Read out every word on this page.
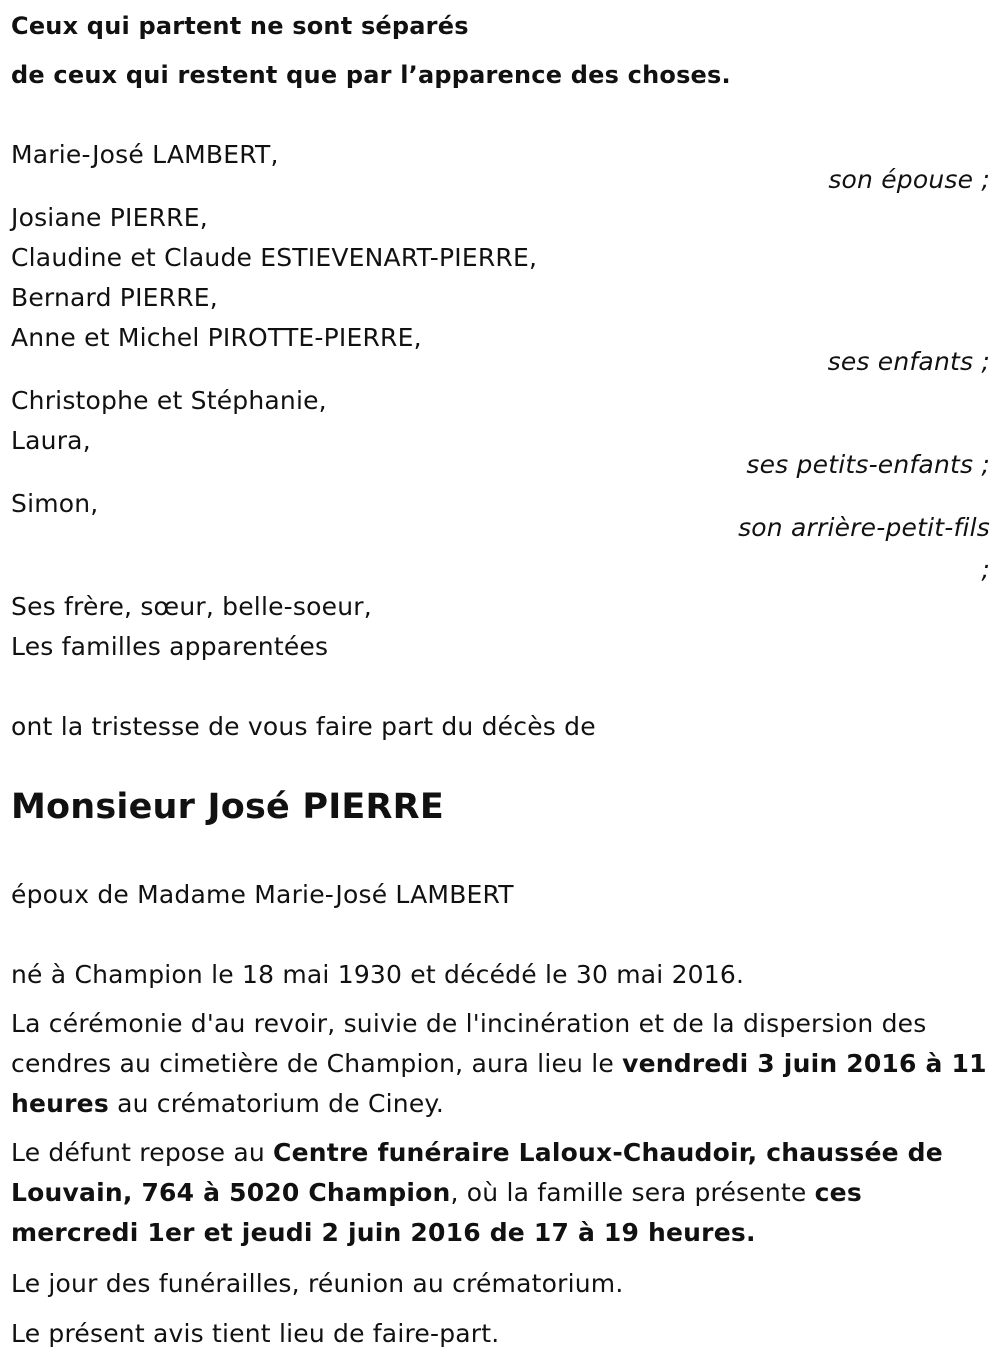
Ceux qui partent ne sont séparés
de ceux qui restent que par l’apparence des choses.
Marie-José LAMBERT,
son épouse ;
Josiane PIERRE,
Claudine et Claude ESTIEVENART-PIERRE,
Bernard PIERRE,
Anne et Michel PIROTTE-PIERRE,
ses enfants ;
Christophe et Stéphanie,
Laura,
ses petits-enfants ;
Simon,
son arrière-petit-fils
;
Ses frère, sœur, belle-soeur,
Les familles apparentées
ont la tristesse de vous faire part du décès de
Monsieur José PIERRE
époux de Madame Marie-José LAMBERT
né à Champion le 18 mai 1930 et décédé le 30 mai 2016.
La cérémonie d'au revoir, suivie de l'incinération et de la dispersion des cendres au cimetière de Champion, aura lieu le vendredi 3 juin 2016 à 11 heures au crématorium de Ciney.
Le défunt repose au Centre funéraire Laloux-Chaudoir, chaussée de Louvain, 764 à 5020 Champion, où la famille sera présente ces mercredi 1er et jeudi 2 juin 2016 de 17 à 19 heures.
Le jour des funérailles, réunion au crématorium.
Le présent avis tient lieu de faire-part.
